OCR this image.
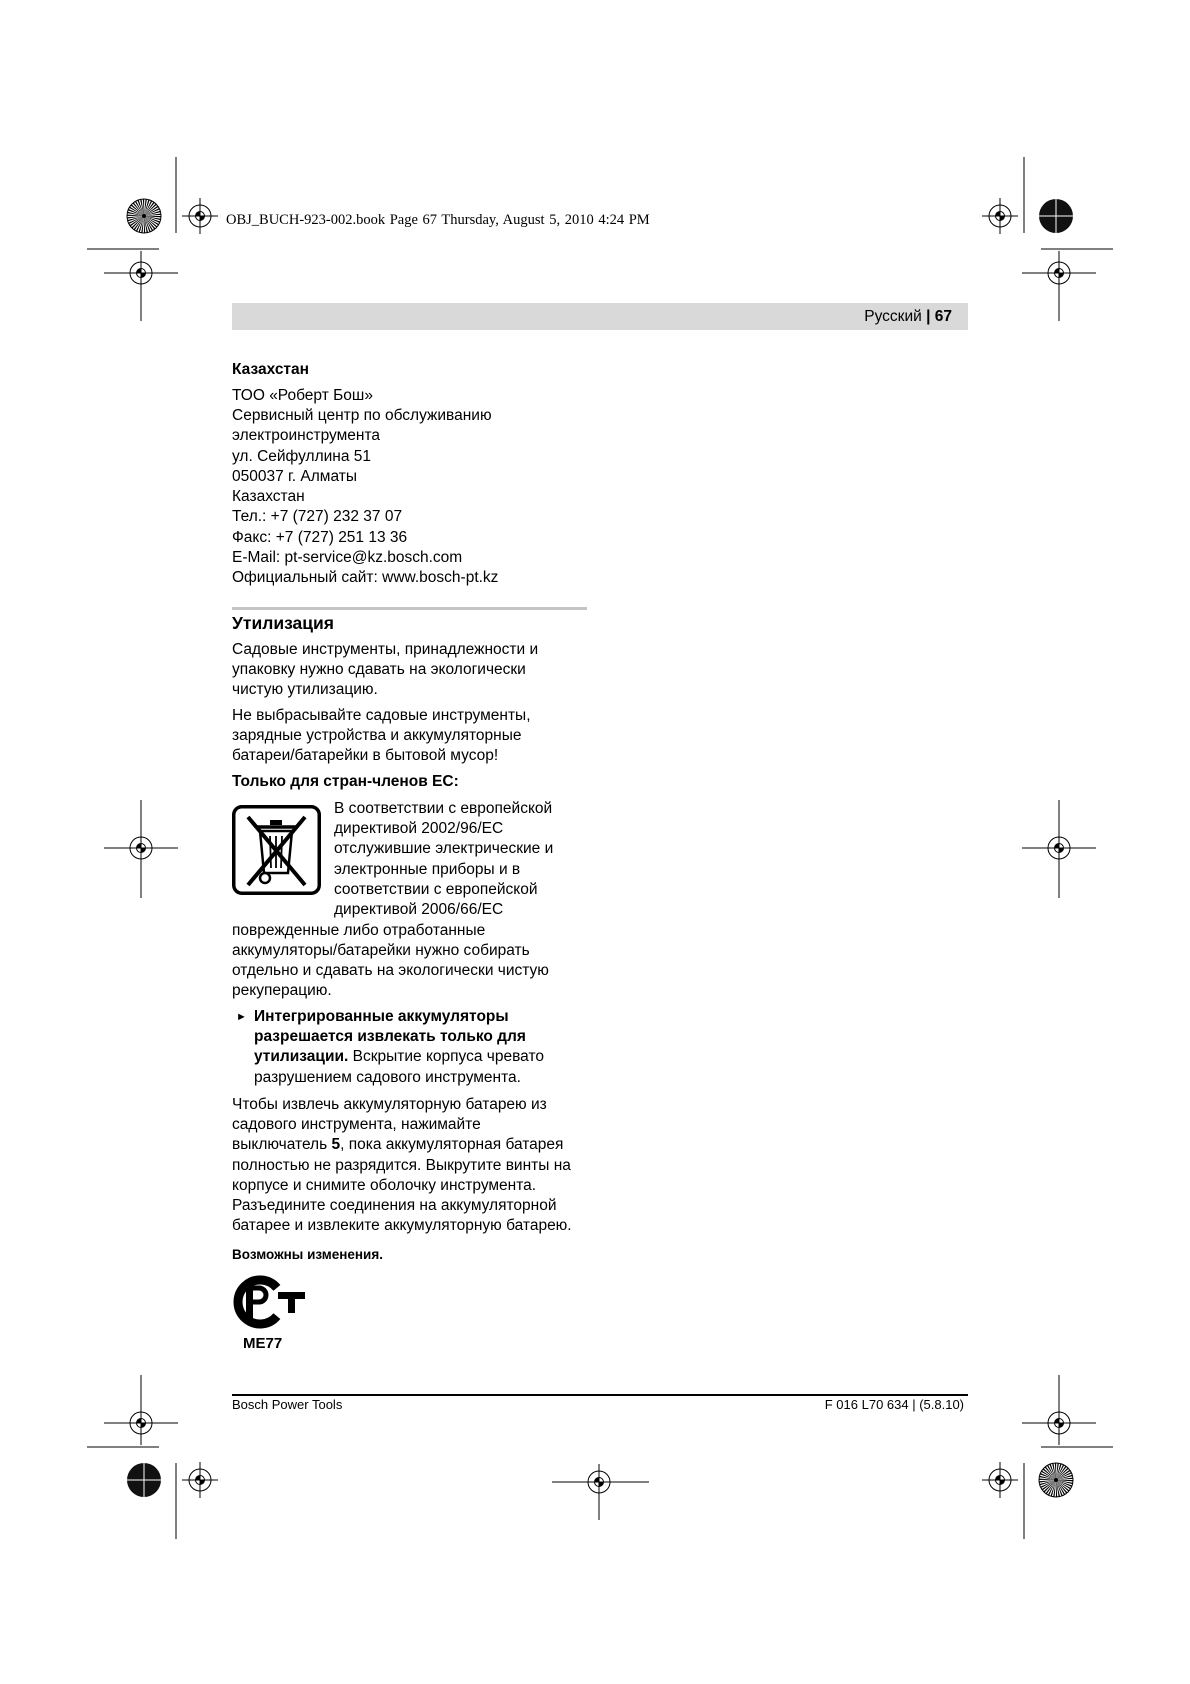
OBJ_BUCH-923-002.book Page 67 Thursday, August 5, 2010 4:24 PM
Русский | 67
Казахстан
ТОО «Роберт Бош»
Сервисный центр по обслуживанию
электроинструмента
ул. Сейфуллина 51
050037 г. Алматы
Казахстан
Тел.: +7 (727) 232 37 07
Факс: +7 (727) 251 13 36
E-Mail: pt-service@kz.bosch.com
Официальный сайт: www.bosch-pt.kz
Утилизация
Садовые инструменты, принадлежности и
упаковку нужно сдавать на экологически
чистую утилизацию.
Не выбрасывайте садовые инструменты,
зарядные устройства и аккумуляторные
батареи/батарейки в бытовой мусор!
Только для стран-членов ЕС:
В соответствии с европейской
директивой 2002/96/EC
отслужившие электрические и
электронные приборы и в
соответствии с европейской
директивой 2006/66/EC
поврежденные либо отработанные
аккумуляторы/батарейки нужно собирать
отдельно и сдавать на экологически чистую
рекуперацию.
► Интегрированные аккумуляторы
разрешается извлекать только для
утилизации. Вскрытие корпуса чревато
разрушением садового инструмента.
Чтобы извлечь аккумуляторную батарею из
садового инструмента, нажимайте
выключатель 5, пока аккумуляторная батарея
полностью не разрядится. Выкрутите винты на
корпусе и снимите оболочку инструмента.
Разъедините соединения на аккумуляторной
батарее и извлеките аккумуляторную батарею.
Возможны изменения.
ME77
Bosch Power Tools	F 016 L70 634 | (5.8.10)
